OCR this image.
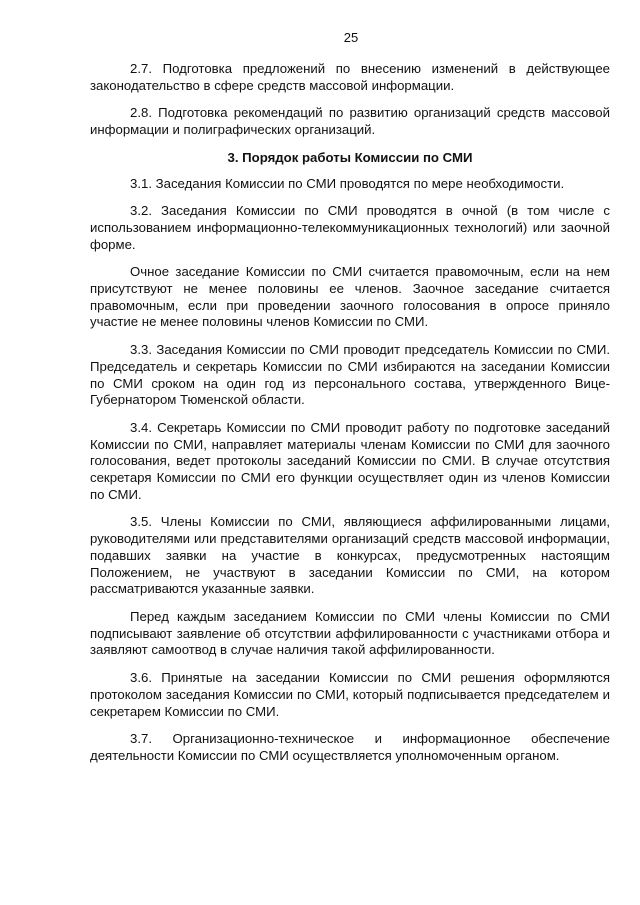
25

2.7. Подготовка предложений по внесению изменений в действующее законодательство в сфере средств массовой информации.

2.8. Подготовка рекомендаций по развитию организаций средств массовой информации и полиграфических организаций.

3. Порядок работы Комиссии по СМИ

3.1. Заседания Комиссии по СМИ проводятся по мере необходимости.

3.2. Заседания Комиссии по СМИ проводятся в очной (в том числе с использованием информационно-телекоммуникационных технологий) или заочной форме.

Очное заседание Комиссии по СМИ считается правомочным, если на нем присутствуют не менее половины ее членов. Заочное заседание считается правомочным, если при проведении заочного голосования в опросе приняло участие не менее половины членов Комиссии по СМИ.

3.3. Заседания Комиссии по СМИ проводит председатель Комиссии по СМИ. Председатель и секретарь Комиссии по СМИ избираются на заседании Комиссии по СМИ сроком на один год из персонального состава, утвержденного Вице-Губернатором Тюменской области.

3.4. Секретарь Комиссии по СМИ проводит работу по подготовке заседаний Комиссии по СМИ, направляет материалы членам Комиссии по СМИ для заочного голосования, ведет протоколы заседаний Комиссии по СМИ. В случае отсутствия секретаря Комиссии по СМИ его функции осуществляет один из членов Комиссии по СМИ.

3.5. Члены Комиссии по СМИ, являющиеся аффилированными лицами, руководителями или представителями организаций средств массовой информации, подавших заявки на участие в конкурсах, предусмотренных настоящим Положением, не участвуют в заседании Комиссии по СМИ, на котором рассматриваются указанные заявки.

Перед каждым заседанием Комиссии по СМИ члены Комиссии по СМИ подписывают заявление об отсутствии аффилированности с участниками отбора и заявляют самоотвод в случае наличия такой аффилированности.

3.6. Принятые на заседании Комиссии по СМИ решения оформляются протоколом заседания Комиссии по СМИ, который подписывается председателем и секретарем Комиссии по СМИ.

3.7. Организационно-техническое и информационное обеспечение деятельности Комиссии по СМИ осуществляется уполномоченным органом.
